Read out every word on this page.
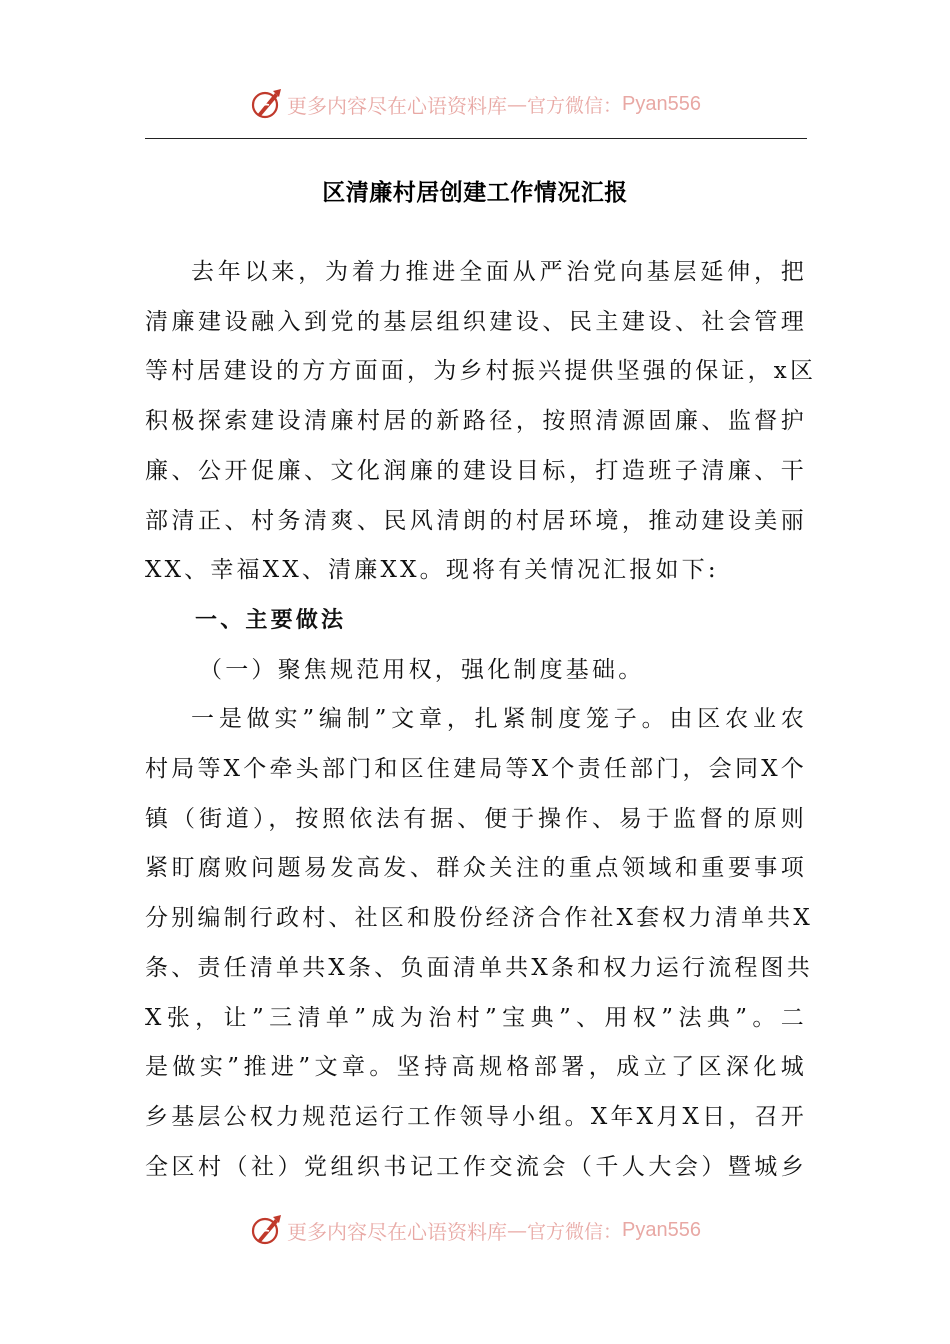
更多内容尽在心语资料库 — 官方微信： Pyan556
区清廉村居创建工作情况汇报

去年以来，为着力推进全面从严治党向基层延伸，把
清廉建设融入到党的基层组织建设、民主建设、社会管理
等村居建设的方方面面，为乡村振兴提供坚强的保证，x区
积极探索建设清廉村居的新路径，按照清源固廉、监督护
廉、公开促廉、文化润廉的建设目标，打造班子清廉、干
部清正、村务清爽、民风清朗的村居环境，推动建设美丽
XX、幸福XX、清廉XX。现将有关情况汇报如下:

一、主要做法

（一）聚焦规范用权，强化制度基础。

一是做实”编制”文章，扎紧制度笼子。由区农业农
村局等X个牵头部门和区住建局等X个责任部门，会同X个
镇（街道），按照依法有据、便于操作、易于监督的原则
紧盯腐败问题易发高发、群众关注的重点领域和重要事项
分别编制行政村、社区和股份经济合作社X套权力清单共X
条、责任清单共X条、负面清单共X条和权力运行流程图共
X张，让”三清单”成为治村”宝典”、用权”法典”。二
是做实”推进”文章。坚持高规格部署，成立了区深化城
乡基层公权力规范运行工作领导小组。X年X月X日，召开
全区村（社）党组织书记工作交流会（千人大会）暨城乡

更多内容尽在心语资料库 — 官方微信： Pyan556
